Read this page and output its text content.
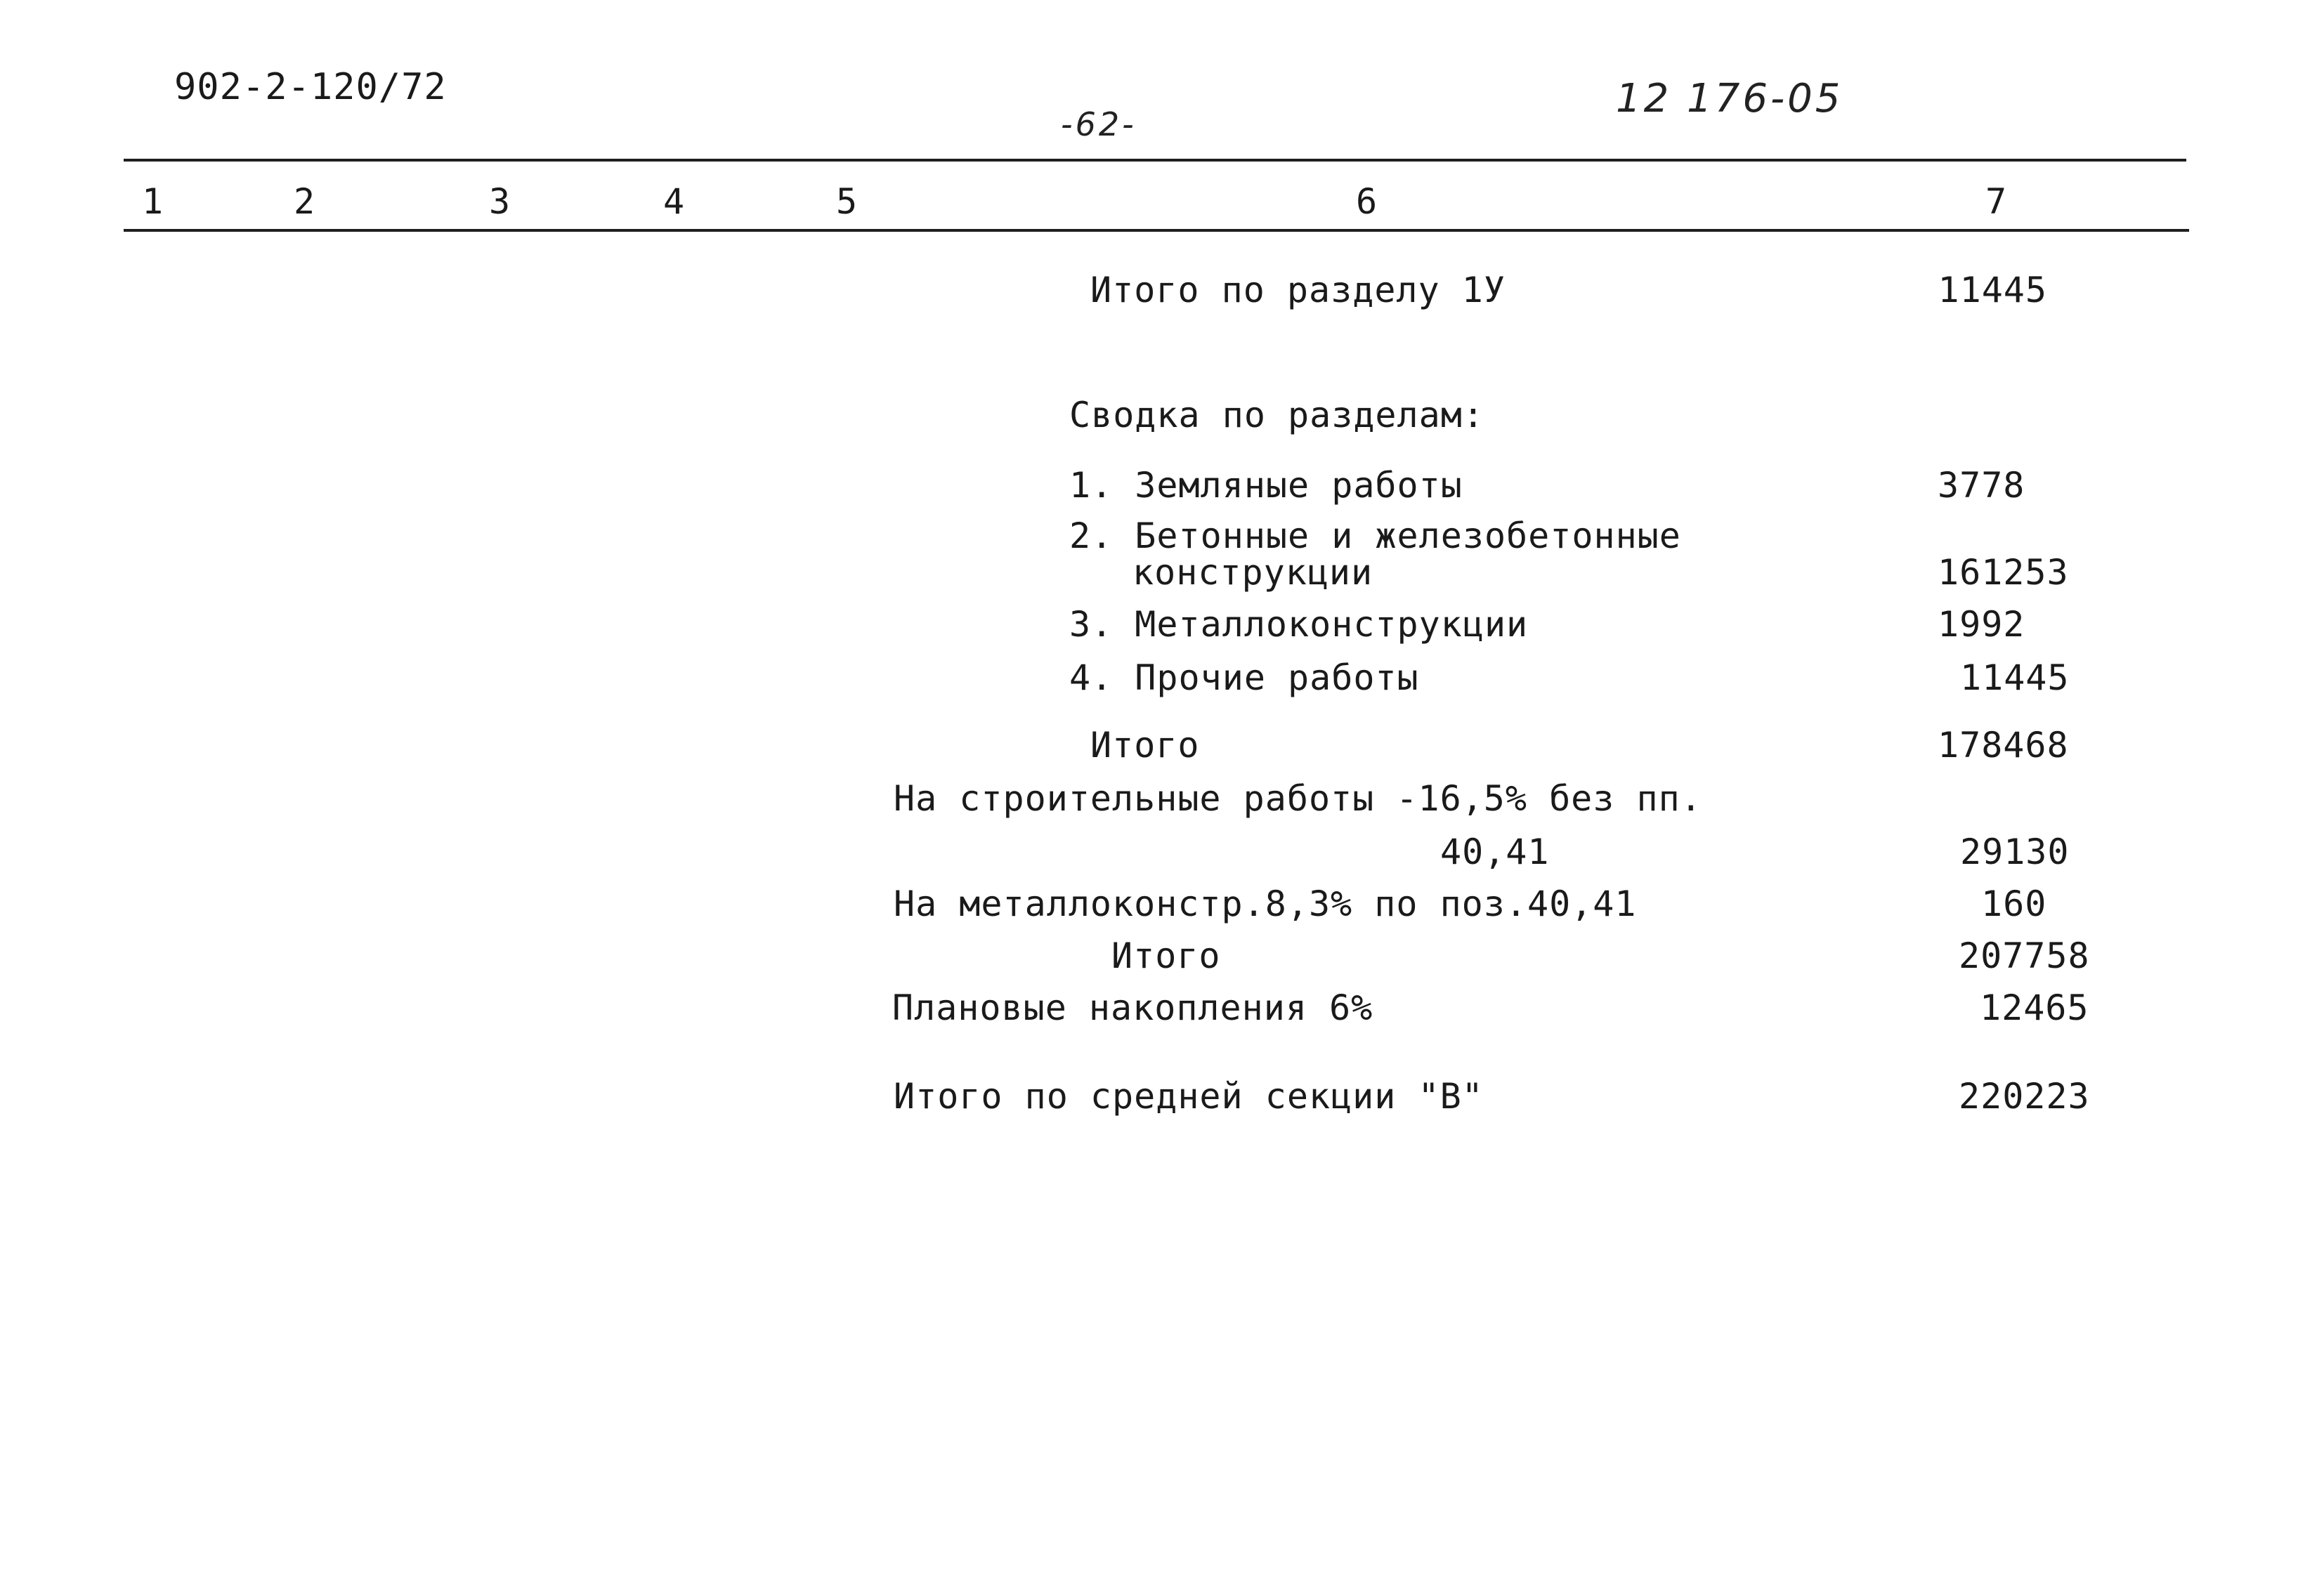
902-2-120/72
-62-
12 176-05
1	2	3	4	5	6	7
Итого по разделу 1У	11445
Сводка по разделам:
1. Земляные работы	3778
2. Бетонные и железобетонные
конструкции	161253
3. Металлоконструкции	1992
4. Прочие работы	11445
Итого	178468
На строительные работы -16,5% без пп.
40,41	29130
На металлоконстр.8,3% по поз.40,41	160
Итого	207758
Плановые накопления 6%	12465
Итого по средней секции "В"	220223
